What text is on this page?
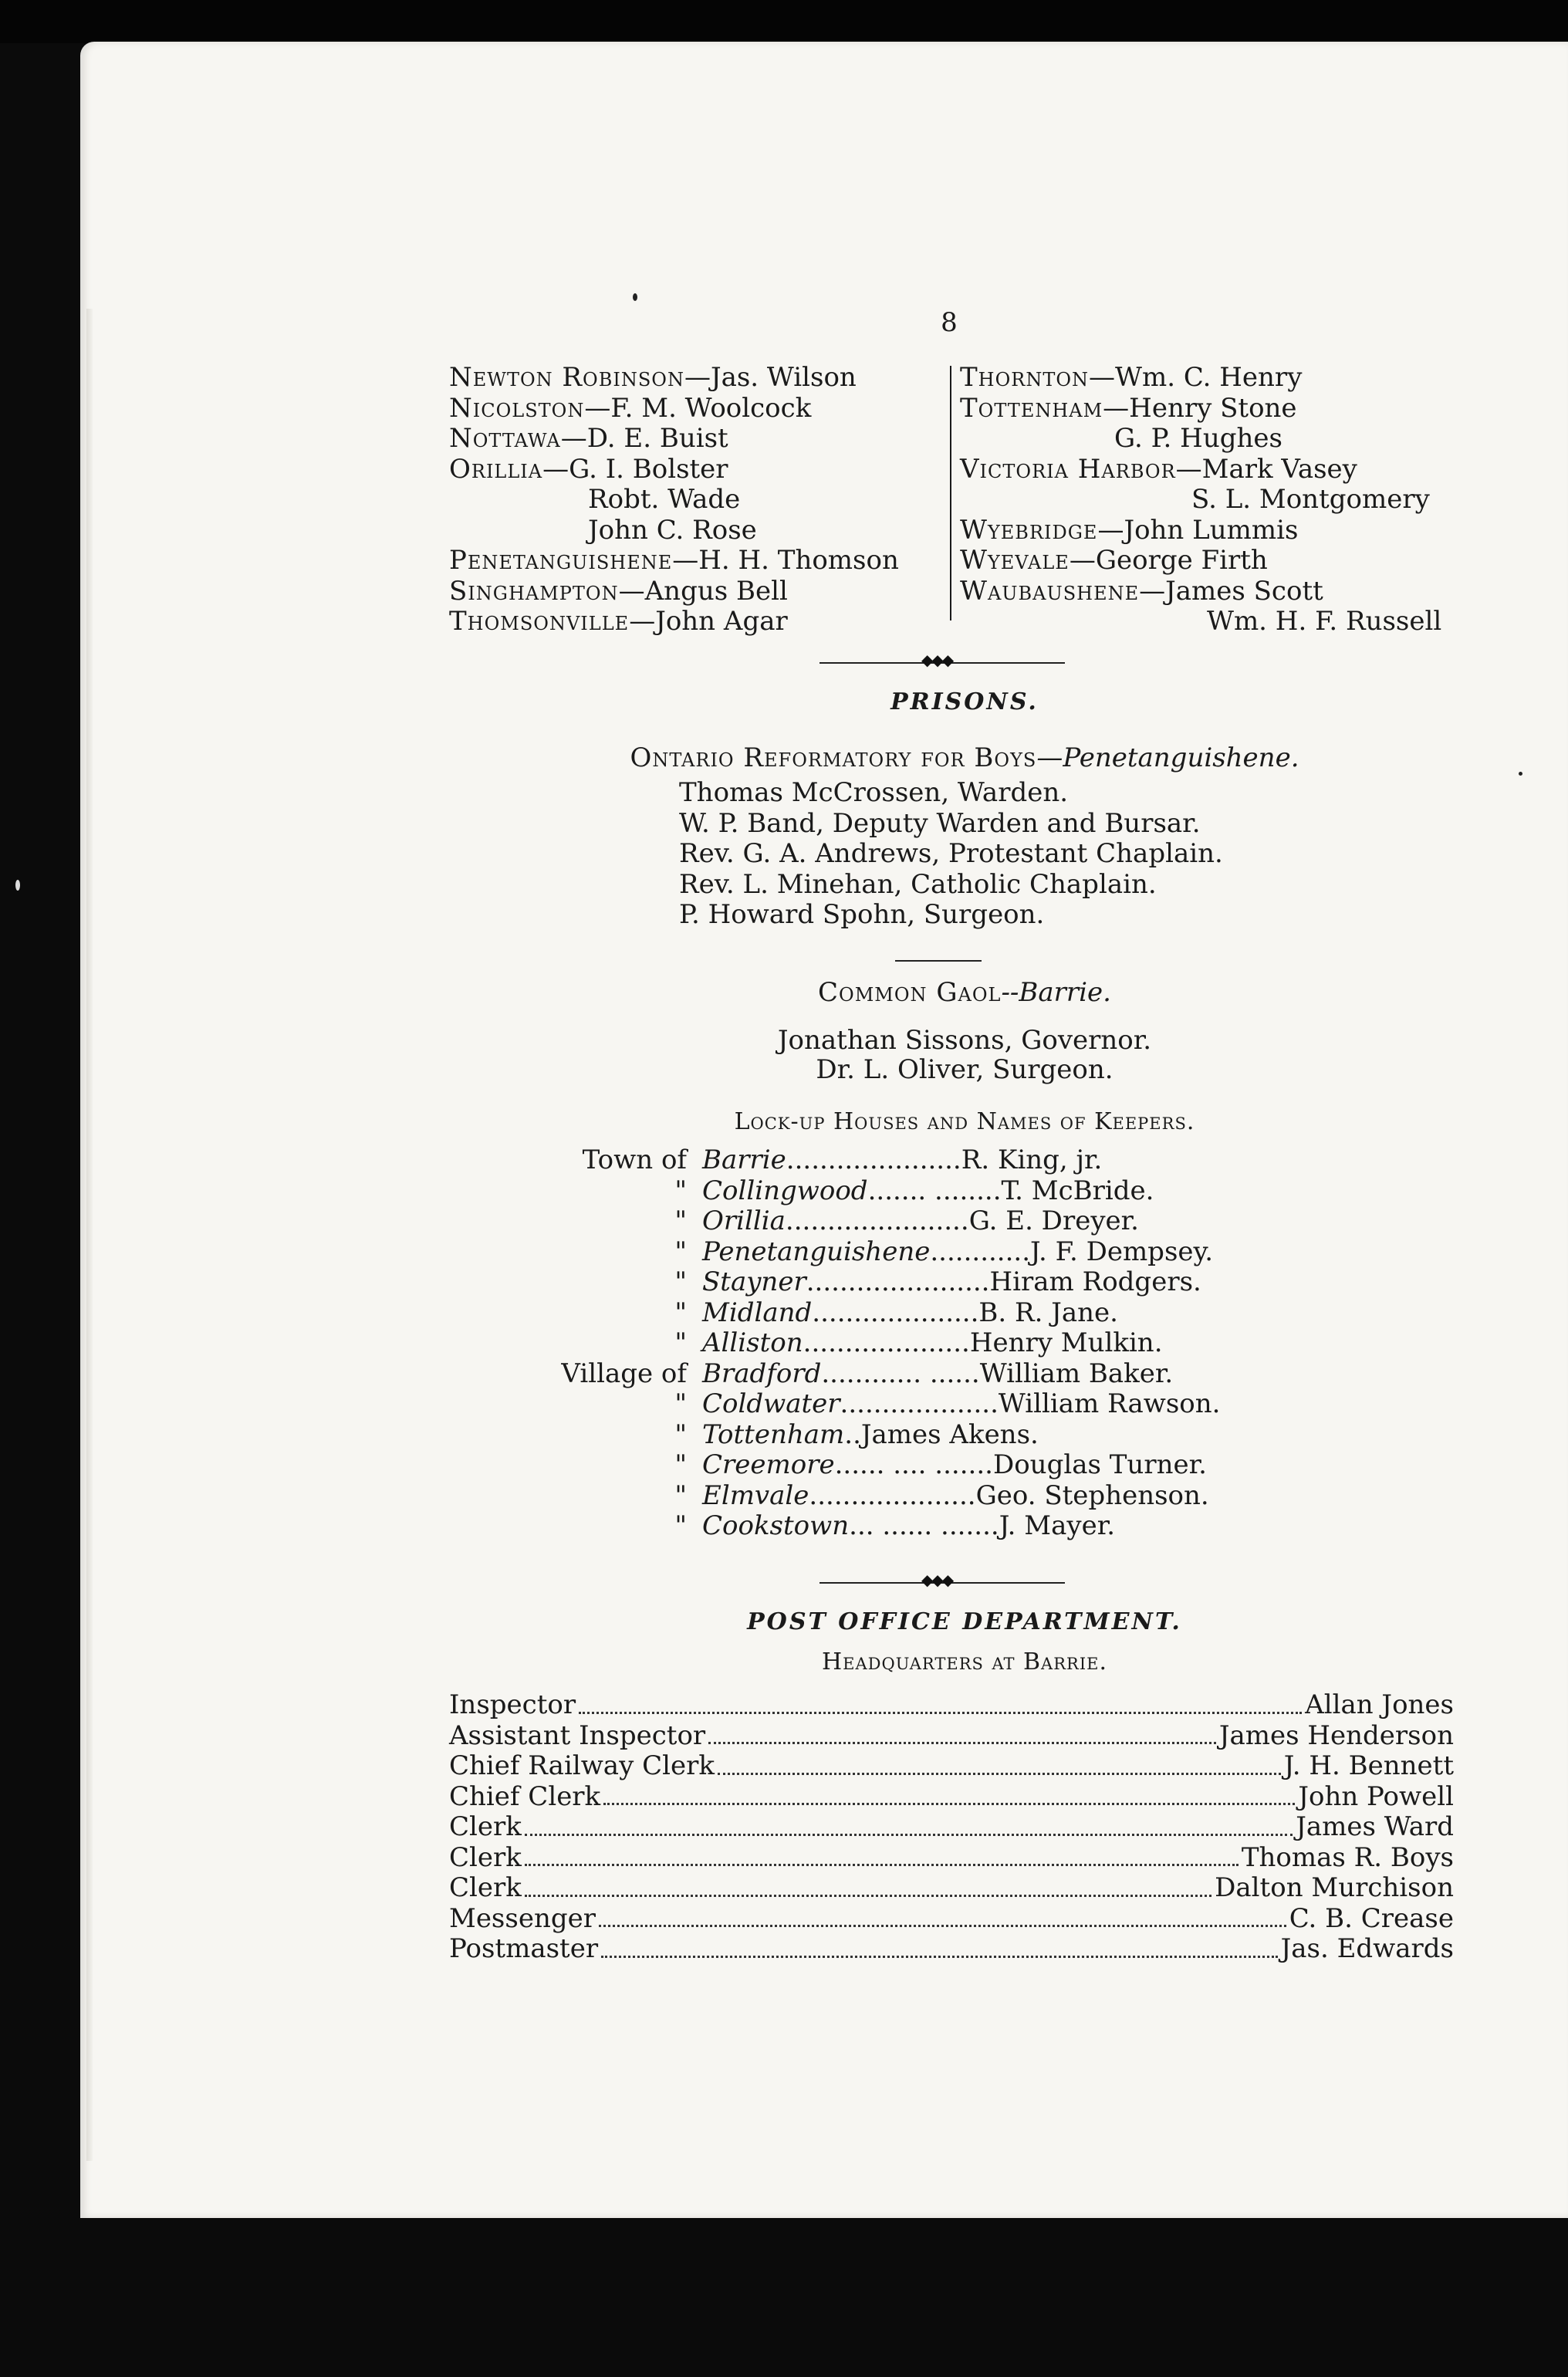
8
Newton Robinson—Jas. Wilson
Nicolston—F. M. Woolcock
Nottawa—D. E. Buist
Orillia—G. I. Bolster
Robt. Wade
John C. Rose
Penetanguishene—H. H. Thomson
Singhampton—Angus Bell
Thomsonville—John Agar
Thornton—Wm. C. Henry
Tottenham—Henry Stone
G. P. Hughes
Victoria Harbor—Mark Vasey
S. L. Montgomery
Wyebridge—John Lummis
Wyevale—George Firth
Waubaushene—James Scott
Wm. H. F. Russell
◆◆◆
PRISONS.
Ontario Reformatory for Boys—Penetanguishene.
Thomas McCrossen, Warden.
W. P. Band, Deputy Warden and Bursar.
Rev. G. A. Andrews, Protestant Chaplain.
Rev. L. Minehan, Catholic Chaplain.
P. Howard Spohn, Surgeon.
Common Gaol--Barrie.
Jonathan Sissons, Governor.
Dr. L. Oliver, Surgeon.
Lock-up Houses and Names of Keepers.
Town of Barrie ..................... R. King, jr.
" Collingwood ....... ........ T. McBride.
" Orillia ...................... G. E. Dreyer.
" Penetanguishene ............ J. F. Dempsey.
" Stayner ...................... Hiram Rodgers.
" Midland .................... B. R. Jane.
" Alliston .................... Henry Mulkin.
Village of Bradford ............ ...... William Baker.
" Coldwater ................... William Rawson.
" Tottenham .. James Akens.
" Creemore ...... .... ....... Douglas Turner.
" Elmvale .................... Geo. Stephenson.
" Cookstown ... ...... ....... J. Mayer.
◆◆◆
POST OFFICE DEPARTMENT.
Headquarters at Barrie.
Inspector	Allan Jones
Assistant Inspector	James Henderson
Chief Railway Clerk	J. H. Bennett
Chief Clerk	John Powell
Clerk	James Ward
Clerk	Thomas R. Boys
Clerk	Dalton Murchison
Messenger	C. B. Crease
Postmaster	Jas. Edwards
